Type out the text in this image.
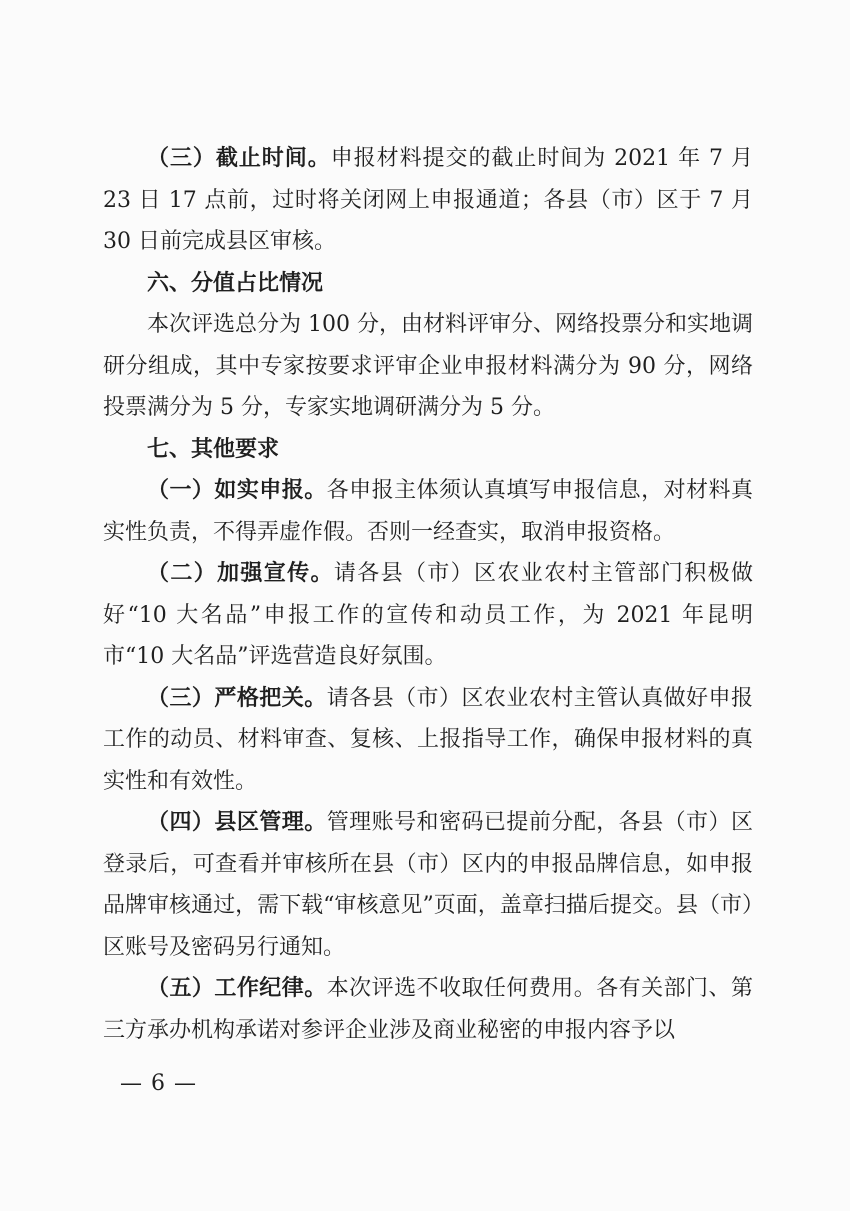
（三）截止时间。申报材料提交的截止时间为 2021 年 7 月 23 日 17 点前，过时将关闭网上申报通道；各县（市）区于 7 月 30 日前完成县区审核。

六、分值占比情况

本次评选总分为 100 分，由材料评审分、网络投票分和实地调研分组成，其中专家按要求评审企业申报材料满分为 90 分，网络投票满分为 5 分，专家实地调研满分为 5 分。

七、其他要求

（一）如实申报。各申报主体须认真填写申报信息，对材料真实性负责，不得弄虚作假。否则一经查实，取消申报资格。

（二）加强宣传。请各县（市）区农业农村主管部门积极做好“10 大名品”申报工作的宣传和动员工作，为 2021 年昆明市“10 大名品”评选营造良好氛围。

（三）严格把关。请各县（市）区农业农村主管认真做好申报工作的动员、材料审查、复核、上报指导工作，确保申报材料的真实性和有效性。

（四）县区管理。管理账号和密码已提前分配，各县（市）区登录后，可查看并审核所在县（市）区内的申报品牌信息，如申报品牌审核通过，需下载“审核意见”页面，盖章扫描后提交。县（市）区账号及密码另行通知。

（五）工作纪律。本次评选不收取任何费用。各有关部门、第三方承办机构承诺对参评企业涉及商业秘密的申报内容予以

— 6 —
